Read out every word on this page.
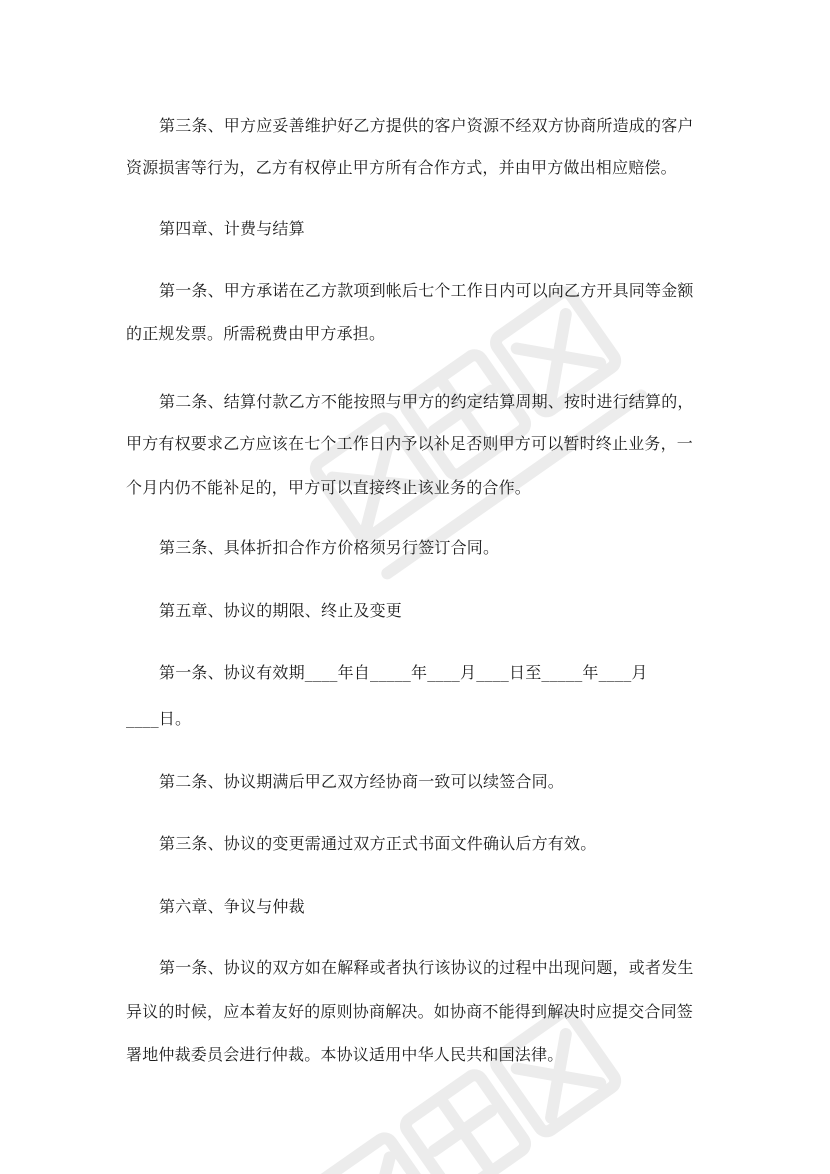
第三条、甲方应妥善维护好乙方提供的客户资源不经双方协商所造成的客户

资源损害等行为，乙方有权停止甲方所有合作方式，并由甲方做出相应赔偿。

第四章、计费与结算

第一条、甲方承诺在乙方款项到帐后七个工作日内可以向乙方开具同等金额

的正规发票。所需税费由甲方承担。

第二条、结算付款乙方不能按照与甲方的约定结算周期、按时进行结算的，

甲方有权要求乙方应该在七个工作日内予以补足否则甲方可以暂时终止业务，一

个月内仍不能补足的，甲方可以直接终止该业务的合作。

第三条、具体折扣合作方价格须另行签订合同。

第五章、协议的期限、终止及变更

第一条、协议有效期____年自_____年____月____日至_____年____月

____日。

第二条、协议期满后甲乙双方经协商一致可以续签合同。

第三条、协议的变更需通过双方正式书面文件确认后方有效。

第六章、争议与仲裁

第一条、协议的双方如在解释或者执行该协议的过程中出现问题，或者发生

异议的时候，应本着友好的原则协商解决。如协商不能得到解决时应提交合同签

署地仲裁委员会进行仲裁。本协议适用中华人民共和国法律。
